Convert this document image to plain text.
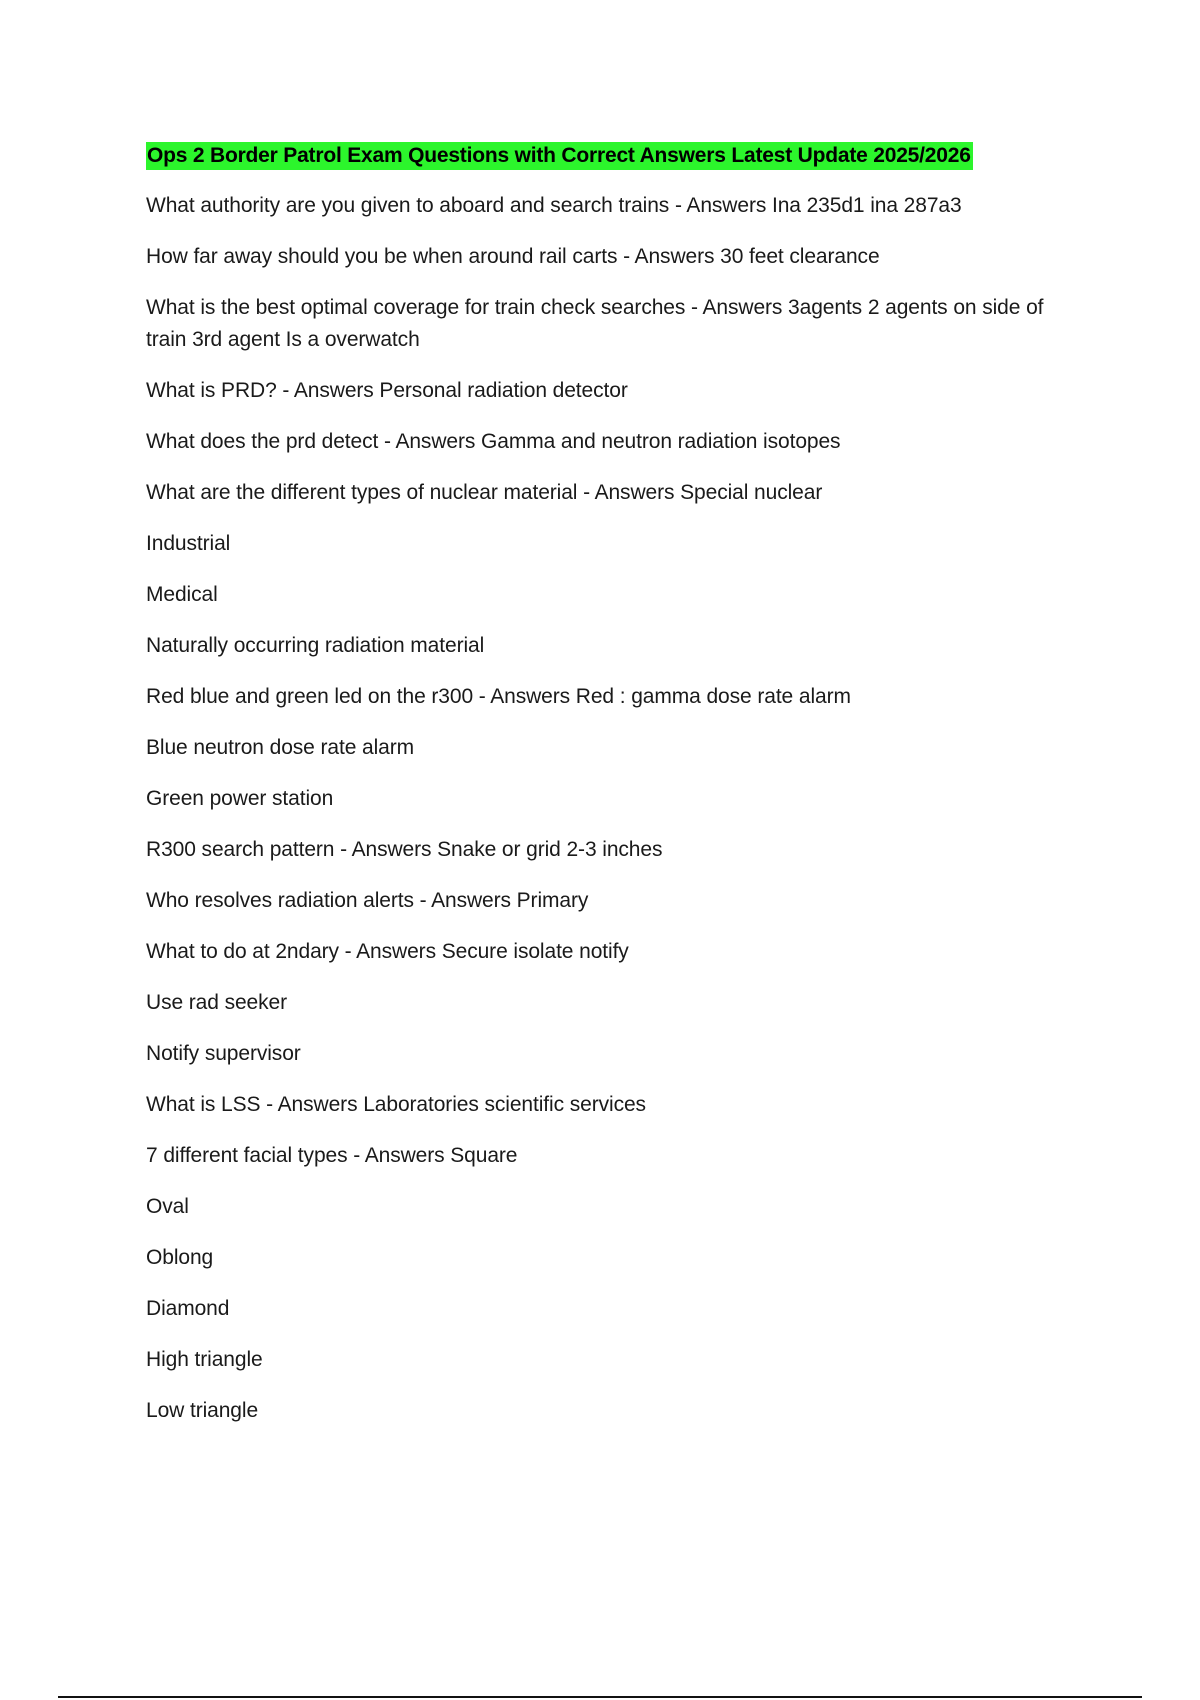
Ops 2 Border Patrol Exam Questions with Correct Answers Latest Update 2025/2026
What authority are you given to aboard and search trains - Answers Ina 235d1 ina 287a3
How far away should you be when around rail carts - Answers 30 feet clearance
What is the best optimal coverage for train check searches - Answers 3agents 2 agents on side of train 3rd agent Is a overwatch
What is PRD? - Answers Personal radiation detector
What does the prd detect - Answers Gamma and neutron radiation isotopes
What are the different types of nuclear material - Answers Special nuclear
Industrial
Medical
Naturally occurring radiation material
Red blue and green led on the r300 - Answers Red : gamma dose rate alarm
Blue neutron dose rate alarm
Green power station
R300 search pattern - Answers Snake or grid 2-3 inches
Who resolves radiation alerts - Answers Primary
What to do at 2ndary - Answers Secure isolate notify
Use rad seeker
Notify supervisor
What is LSS - Answers Laboratories scientific services
7 different facial types - Answers Square
Oval
Oblong
Diamond
High triangle
Low triangle
